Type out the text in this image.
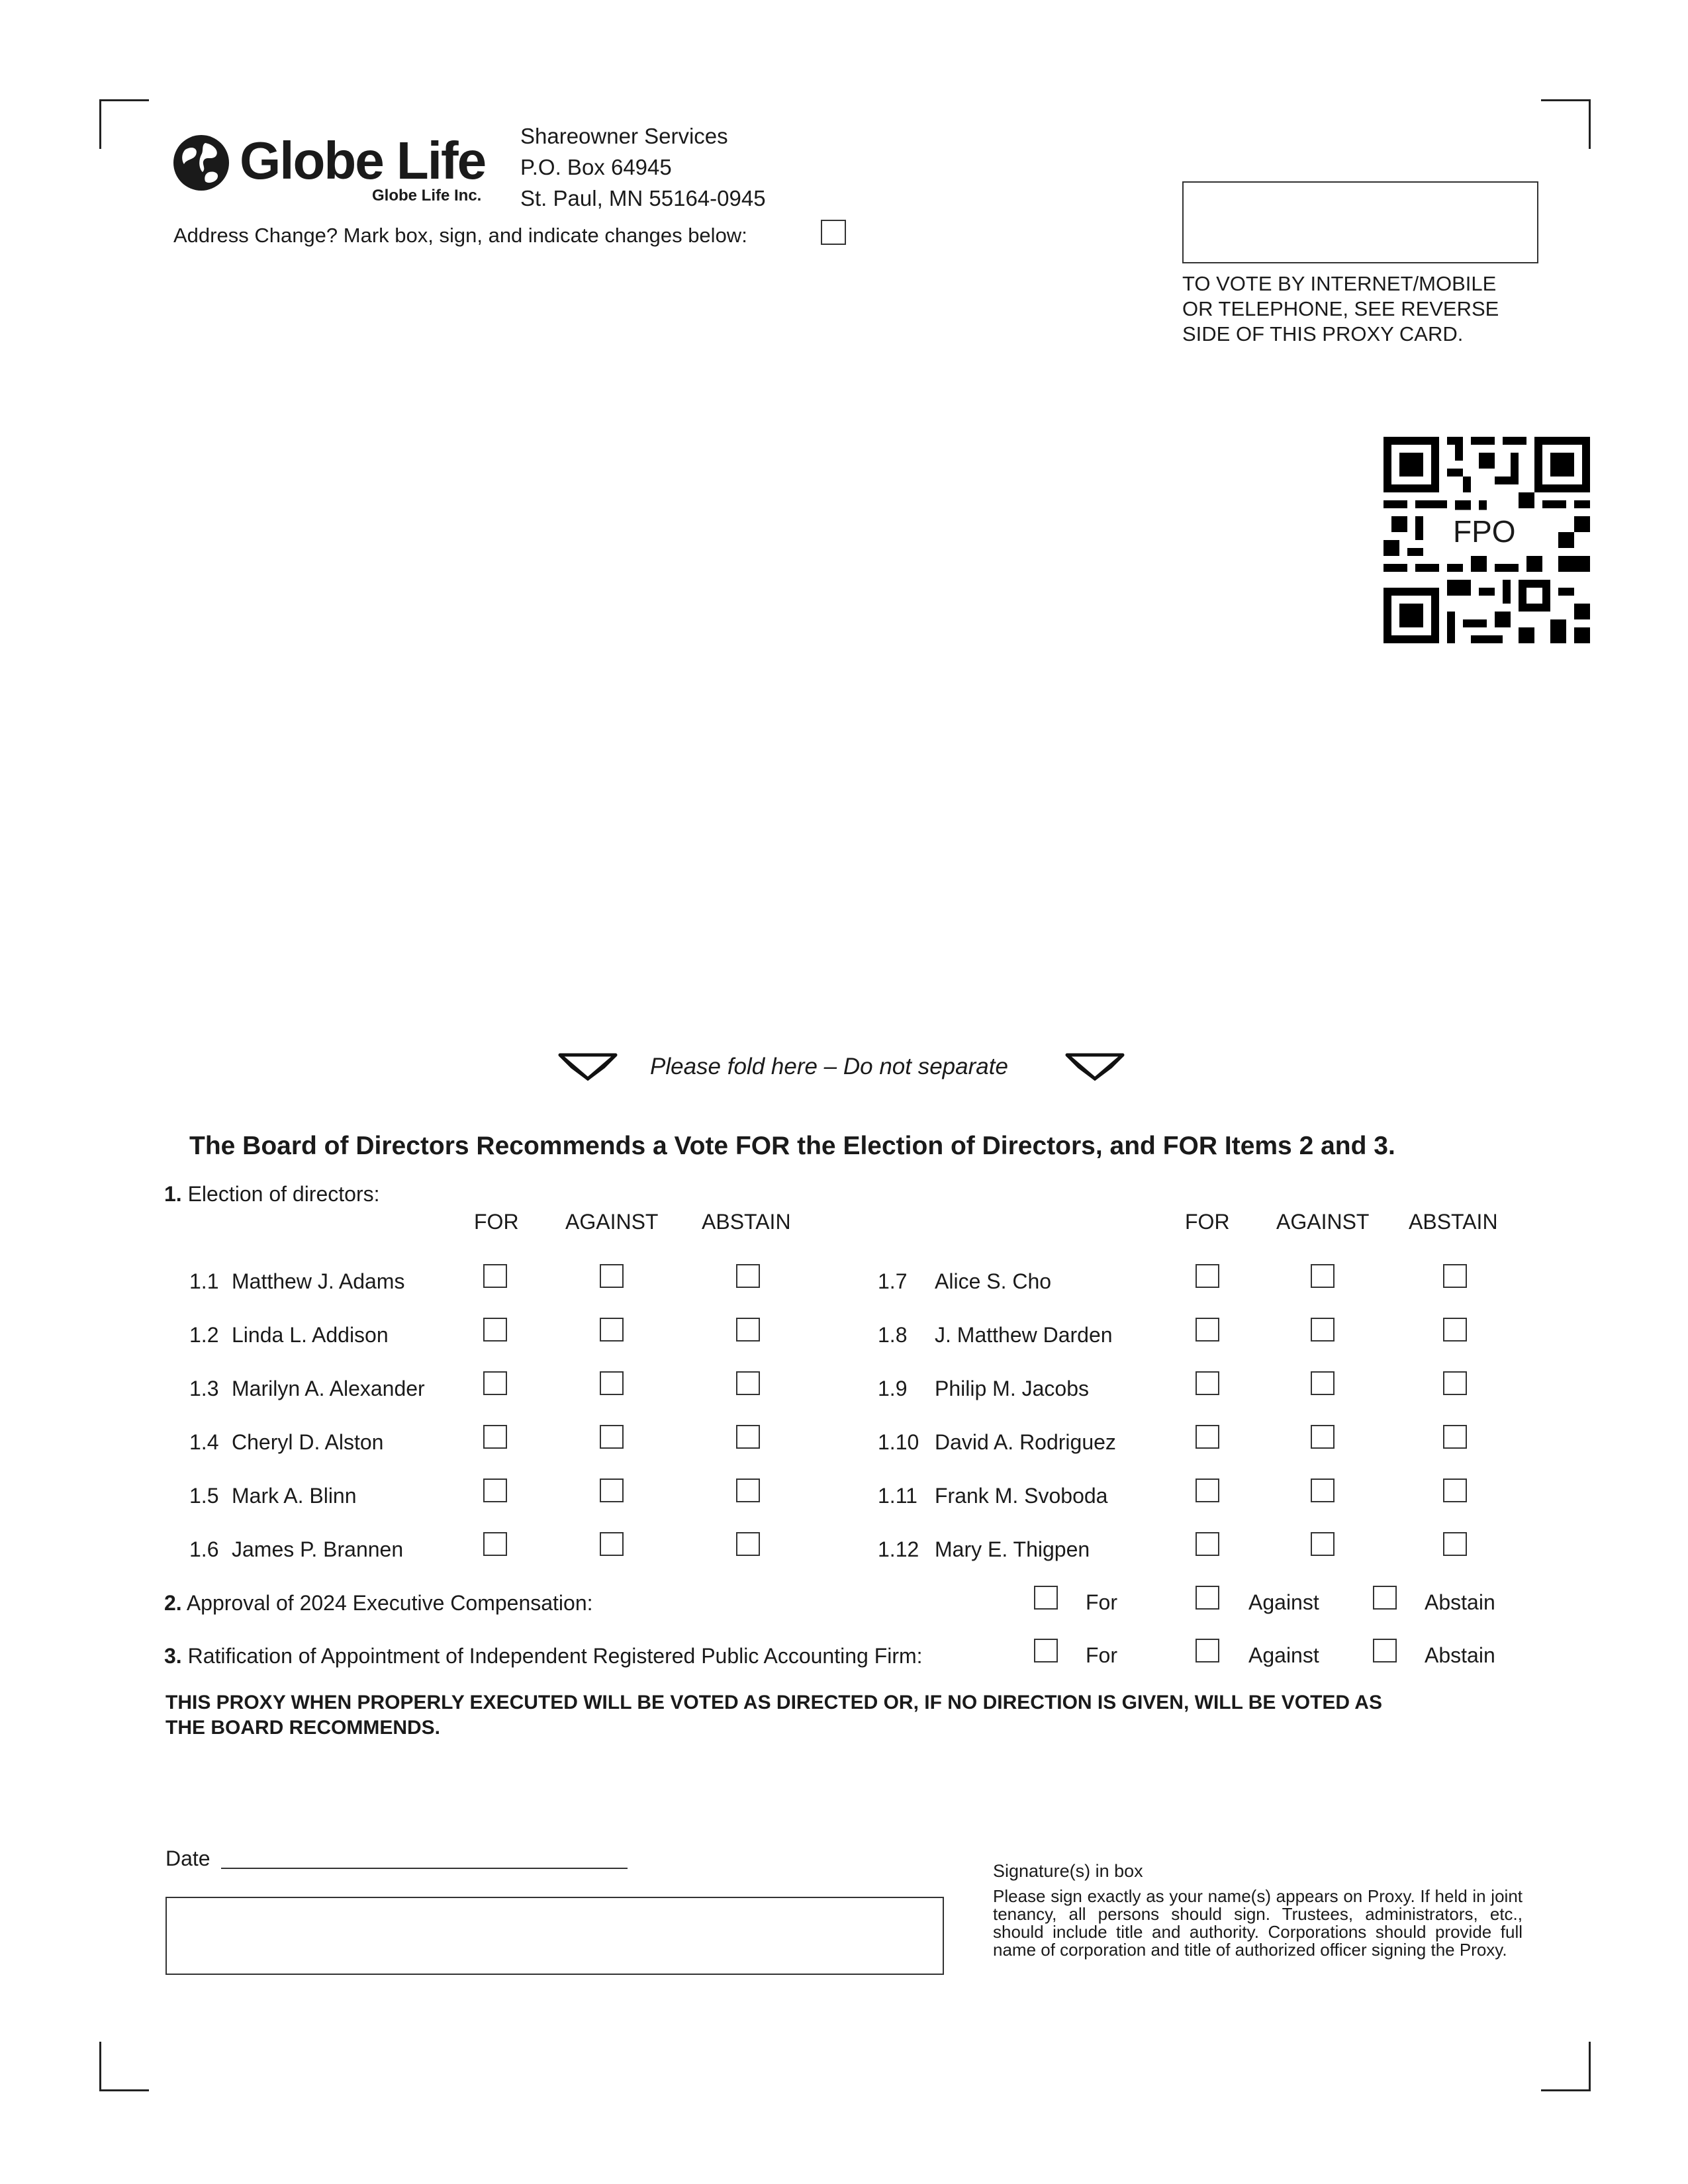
Globe Life
Globe Life Inc.
Shareowner Services
P.O. Box 64945
St. Paul, MN 55164-0945
Address Change? Mark box, sign, and indicate changes below:
TO VOTE BY INTERNET/MOBILE
OR TELEPHONE, SEE REVERSE
SIDE OF THIS PROXY CARD.
FPO
Please fold here – Do not separate
The Board of Directors Recommends a Vote FOR the Election of Directors, and FOR Items 2 and 3.
1. Election of directors:
FOR AGAINST ABSTAIN	FOR AGAINST ABSTAIN
1.1 Matthew J. Adams
1.2 Linda L. Addison
1.3 Marilyn A. Alexander
1.4 Cheryl D. Alston
1.5 Mark A. Blinn
1.6 James P. Brannen
1.7 Alice S. Cho
1.8 J. Matthew Darden
1.9 Philip M. Jacobs
1.10 David A. Rodriguez
1.11 Frank M. Svoboda
1.12 Mary E. Thigpen
2. Approval of 2024 Executive Compensation:	For	Against	Abstain
3. Ratification of Appointment of Independent Registered Public Accounting Firm:	For	Against	Abstain
THIS PROXY WHEN PROPERLY EXECUTED WILL BE VOTED AS DIRECTED OR, IF NO DIRECTION IS GIVEN, WILL BE VOTED AS
THE BOARD RECOMMENDS.
Date
Signature(s) in box
Please sign exactly as your name(s) appears on Proxy. If held in joint tenancy, all persons should sign. Trustees, administrators, etc., should include title and authority. Corporations should provide full name of corporation and title of authorized officer signing the Proxy.
